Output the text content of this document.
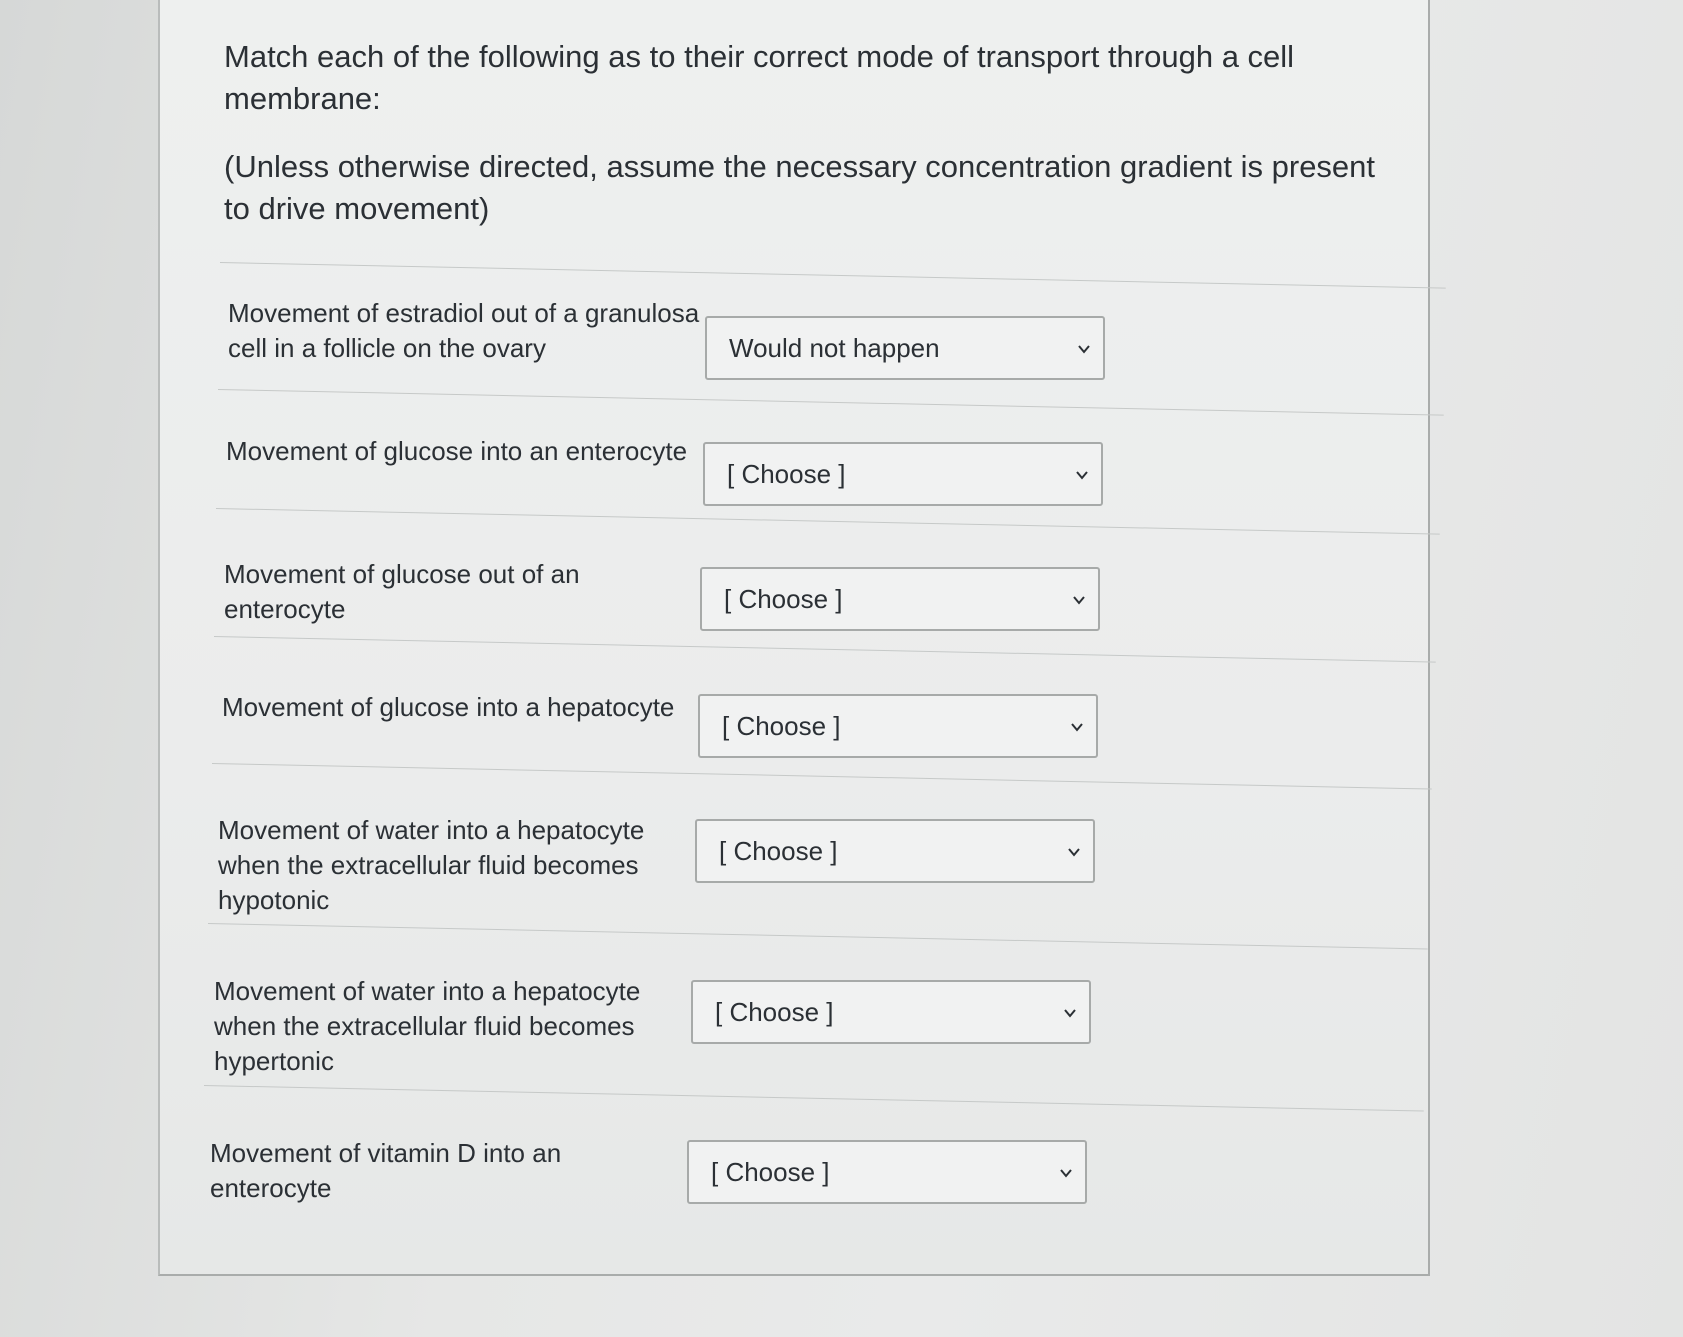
Match each of the following as to their correct mode of transport through a cell membrane:

(Unless otherwise directed, assume the necessary concentration gradient is present to drive movement)

Movement of estradiol out of a granulosa cell in a follicle on the ovary	Would not happen
Movement of glucose into an enterocyte
[ Choose ]
Movement of glucose out of an enterocyte	[ Choose ]
Movement of glucose into a hepatocyte
[ Choose ]
Movement of water into a hepatocyte when the extracellular fluid becomes hypotonic
[ Choose ]
Movement of water into a hepatocyte when the extracellular fluid becomes hypertonic
[ Choose ]
Movement of vitamin D into an enterocyte
[ Choose ]
